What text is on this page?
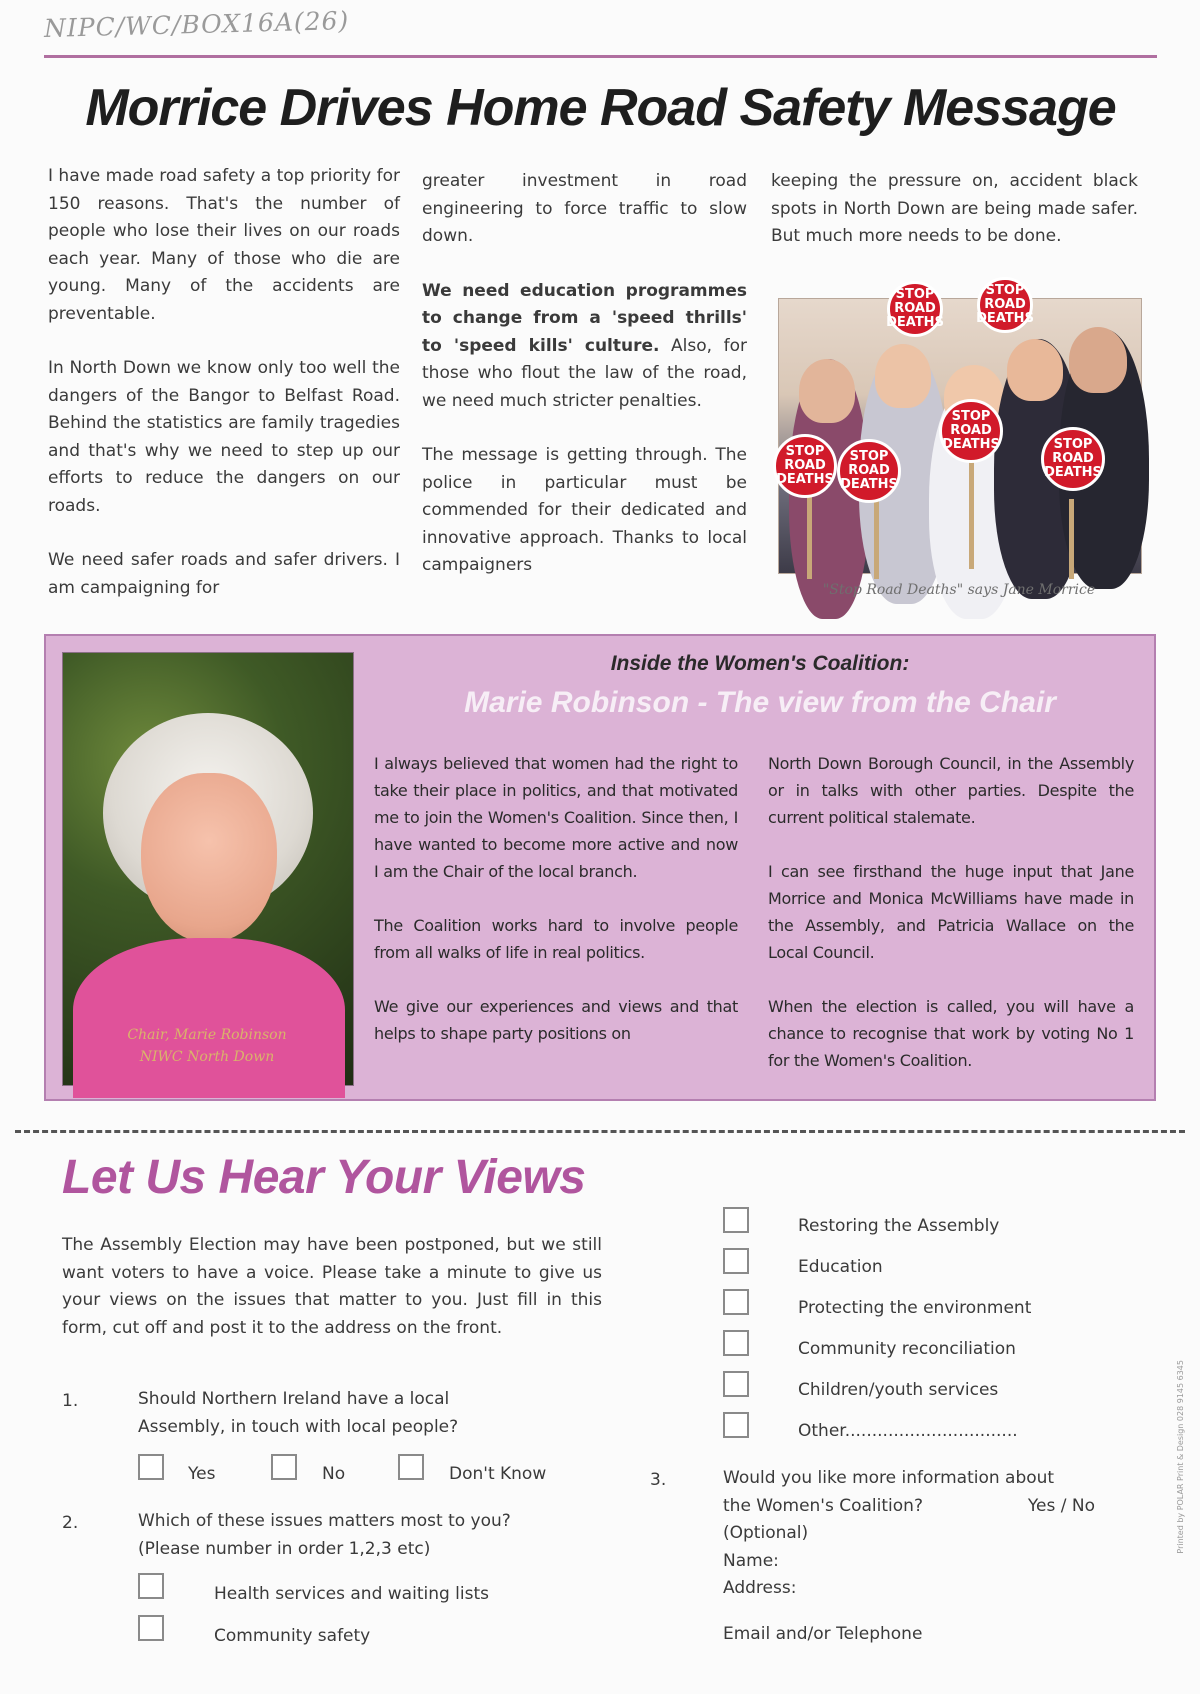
NIPC/WC/BOX16A(26)
Morrice Drives Home Road Safety Message

I have made road safety a top priority for 150 reasons. That's the number of people who lose their lives on our roads each year. Many of those who die are young. Many of the accidents are preventable.

In North Down we know only too well the dangers of the Bangor to Belfast Road. Behind the statistics are family tragedies and that's why we need to step up our efforts to reduce the dangers on our roads.

We need safer roads and safer drivers. I am campaigning for

greater investment in road engineering to force traffic to slow down.

We need education programmes to change from a 'speed thrills' to 'speed kills' culture. Also, for those who flout the law of the road, we need much stricter penalties.

The message is getting through. The police in particular must be commended for their dedicated and innovative approach. Thanks to local campaigners

keeping the pressure on, accident black spots in North Down are being made safer. But much more needs to be done.

STOP ROAD DEATHS
STOP ROAD DEATHS
STOP ROAD DEATHS	STOP ROAD DEATHS
STOP ROAD DEATHS
STOP ROAD DEATHS
"Stop Road Deaths" says Jane Morrice
Chair, Marie Robinson
NIWC North Down
Inside the Women's Coalition:
Marie Robinson - The view from the Chair

I always believed that women had the right to take their place in politics, and that motivated me to join the Women's Coalition. Since then, I have wanted to become more active and now I am the Chair of the local branch.

The Coalition works hard to involve people from all walks of life in real politics.

We give our experiences and views and that helps to shape party positions on

North Down Borough Council, in the Assembly or in talks with other parties. Despite the current political stalemate.

I can see firsthand the huge input that Jane Morrice and Monica McWilliams have made in the Assembly, and Patricia Wallace on the Local Council.

When the election is called, you will have a chance to recognise that work by voting No 1 for the Women's Coalition.

Let Us Hear Your Views
The Assembly Election may have been postponed, but we still want voters to have a voice. Please take a minute to give us your views on the issues that matter to you. Just fill in this form, cut off and post it to the address on the front.
1.	Should Northern Ireland have a local
Assembly, in touch with local people?
Yes	No	Don't Know
2.	Which of these issues matters most to you?
(Please number in order 1,2,3 etc)
Health services and waiting lists
Community safety
Restoring the Assembly
Education
Protecting the environment
Community reconciliation
Children/youth services
Other................................
3.	Would you like more information about
the Women's Coalition?	Yes / No
(Optional)
Name:
Address:
Email and/or Telephone
Printed by POLAR Print & Design 028 9145 6345
